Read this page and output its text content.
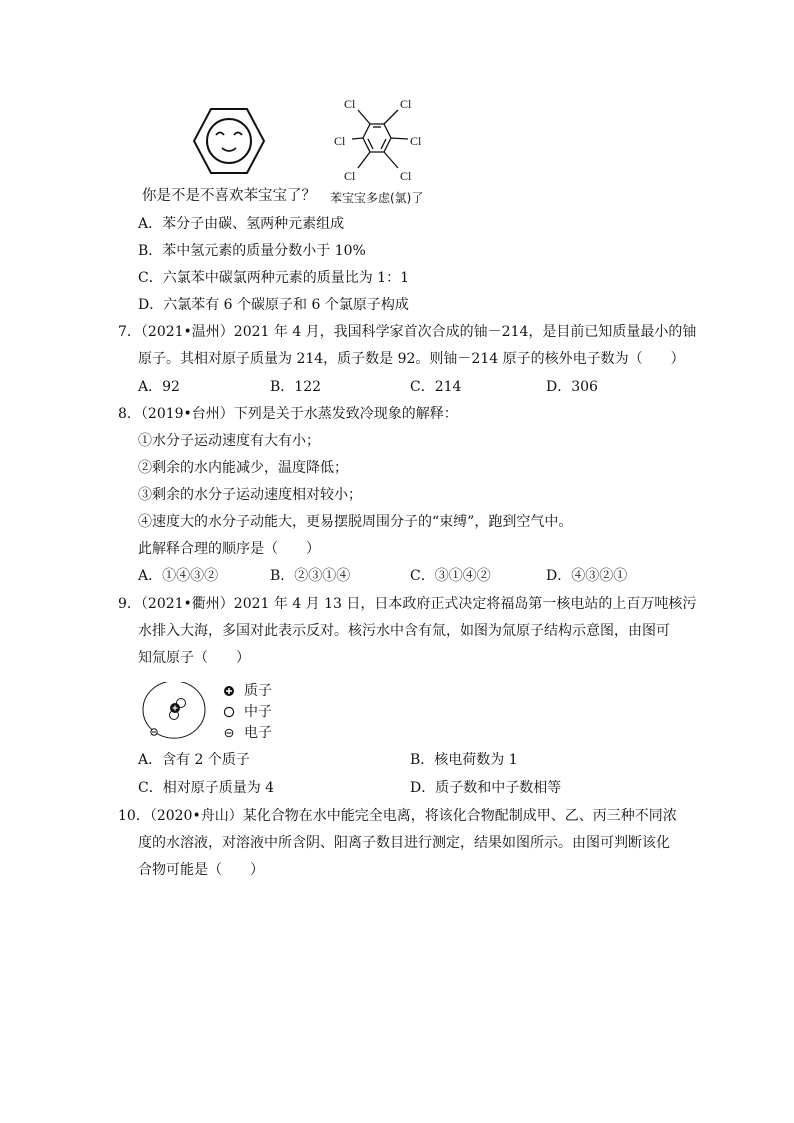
Cl	Cl
Cl	Cl
Cl	Cl
你是不是不喜欢苯宝宝了？ 苯宝宝多虑(氯)了
A．苯分子由碳、氢两种元素组成
B．苯中氢元素的质量分数小于 10%
C．六氯苯中碳氯两种元素的质量比为 1：1
D．六氯苯有 6 个碳原子和 6 个氯原子构成
7．（2021•温州）2021 年 4 月，我国科学家首次合成的铀－214，是目前已知质量最小的铀
原子。其相对原子质量为 214，质子数是 92。则铀－214 原子的核外电子数为（　　）
A．92	B．122	C．214	D．306
8．（2019•台州）下列是关于水蒸发致冷现象的解释：
①水分子运动速度有大有小；
②剩余的水内能减少，温度降低；
③剩余的水分子运动速度相对较小；
④速度大的水分子动能大，更易摆脱周围分子的“束缚”，跑到空气中。
此解释合理的顺序是（　　）
A．①④③②	B．②③①④	C．③①④②	D．④③②①
9．（2021•衢州）2021 年 4 月 13 日，日本政府正式决定将福岛第一核电站的上百万吨核污
水排入大海，多国对此表示反对。核污水中含有氚，如图为氚原子结构示意图，由图可
知氚原子（　　）
质子
中子
电子
A．含有 2 个质子	B．核电荷数为 1
C．相对原子质量为 4	D．质子数和中子数相等
10．（2020•舟山）某化合物在水中能完全电离，将该化合物配制成甲、乙、丙三种不同浓
度的水溶液，对溶液中所含阴、阳离子数目进行测定，结果如图所示。由图可判断该化
合物可能是（　　）
